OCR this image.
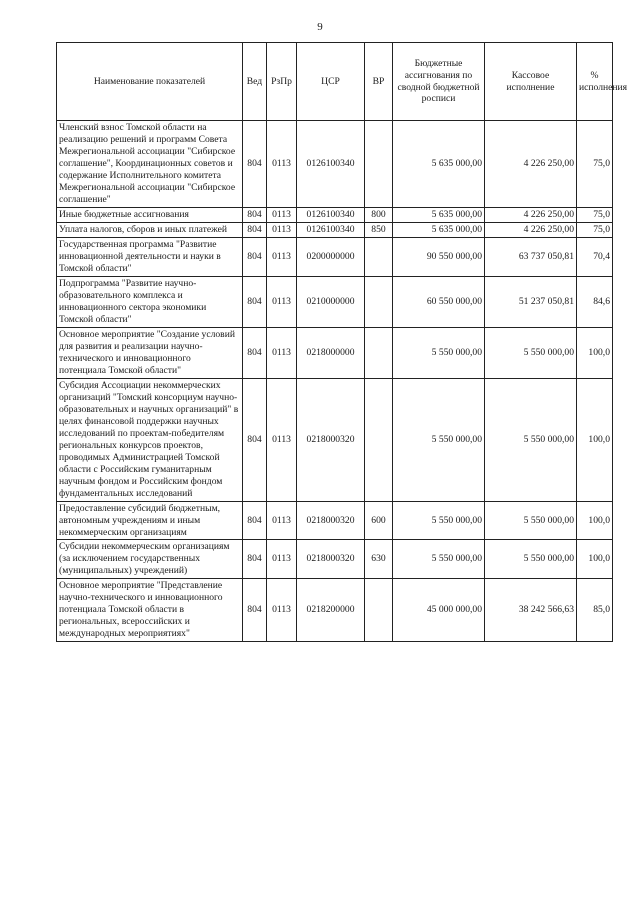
9
Наименование показателей	Вед	РзПр	ЦСР	ВР	Бюджетные ассигнования по сводной бюджетной росписи	Кассовое исполнение	% исполнения
Членский взнос Томской области на реализацию решений и программ Совета Межрегиональной ассоциации "Сибирское соглашение", Координационных советов и содержание Исполнительного комитета Межрегиональной ассоциации "Сибирское соглашение"	804	0113	0126100340		5 635 000,00	4 226 250,00	75,0
Иные бюджетные ассигнования	804	0113	0126100340	800	5 635 000,00	4 226 250,00	75,0
Уплата налогов, сборов и иных платежей	804	0113	0126100340	850	5 635 000,00	4 226 250,00	75,0
Государственная программа "Развитие инновационной деятельности и науки в Томской области"	804	0113	0200000000		90 550 000,00	63 737 050,81	70,4
Подпрограмма "Развитие научно-образовательного комплекса и инновационного сектора экономики Томской области"	804	0113	0210000000		60 550 000,00	51 237 050,81	84,6
Основное мероприятие "Создание условий для развития и реализации научно-технического и инновационного потенциала Томской области"	804	0113	0218000000		5 550 000,00	5 550 000,00	100,0
Субсидия Ассоциации некоммерческих организаций "Томский консорциум научно-образовательных и научных организаций" в целях финансовой поддержки научных исследований по проектам-победителям региональных конкурсов проектов, проводимых Администрацией Томской области с Российским гуманитарным научным фондом и Российским фондом фундаментальных исследований	804	0113	0218000320		5 550 000,00	5 550 000,00	100,0
Предоставление субсидий бюджетным, автономным учреждениям и иным некоммерческим организациям	804	0113	0218000320	600	5 550 000,00	5 550 000,00	100,0
Субсидии некоммерческим организациям (за исключением государственных (муниципальных) учреждений)	804	0113	0218000320	630	5 550 000,00	5 550 000,00	100,0
Основное мероприятие "Представление научно-технического и инновационного потенциала Томской области в региональных, всероссийских и международных мероприятиях"	804	0113	0218200000		45 000 000,00	38 242 566,63	85,0
